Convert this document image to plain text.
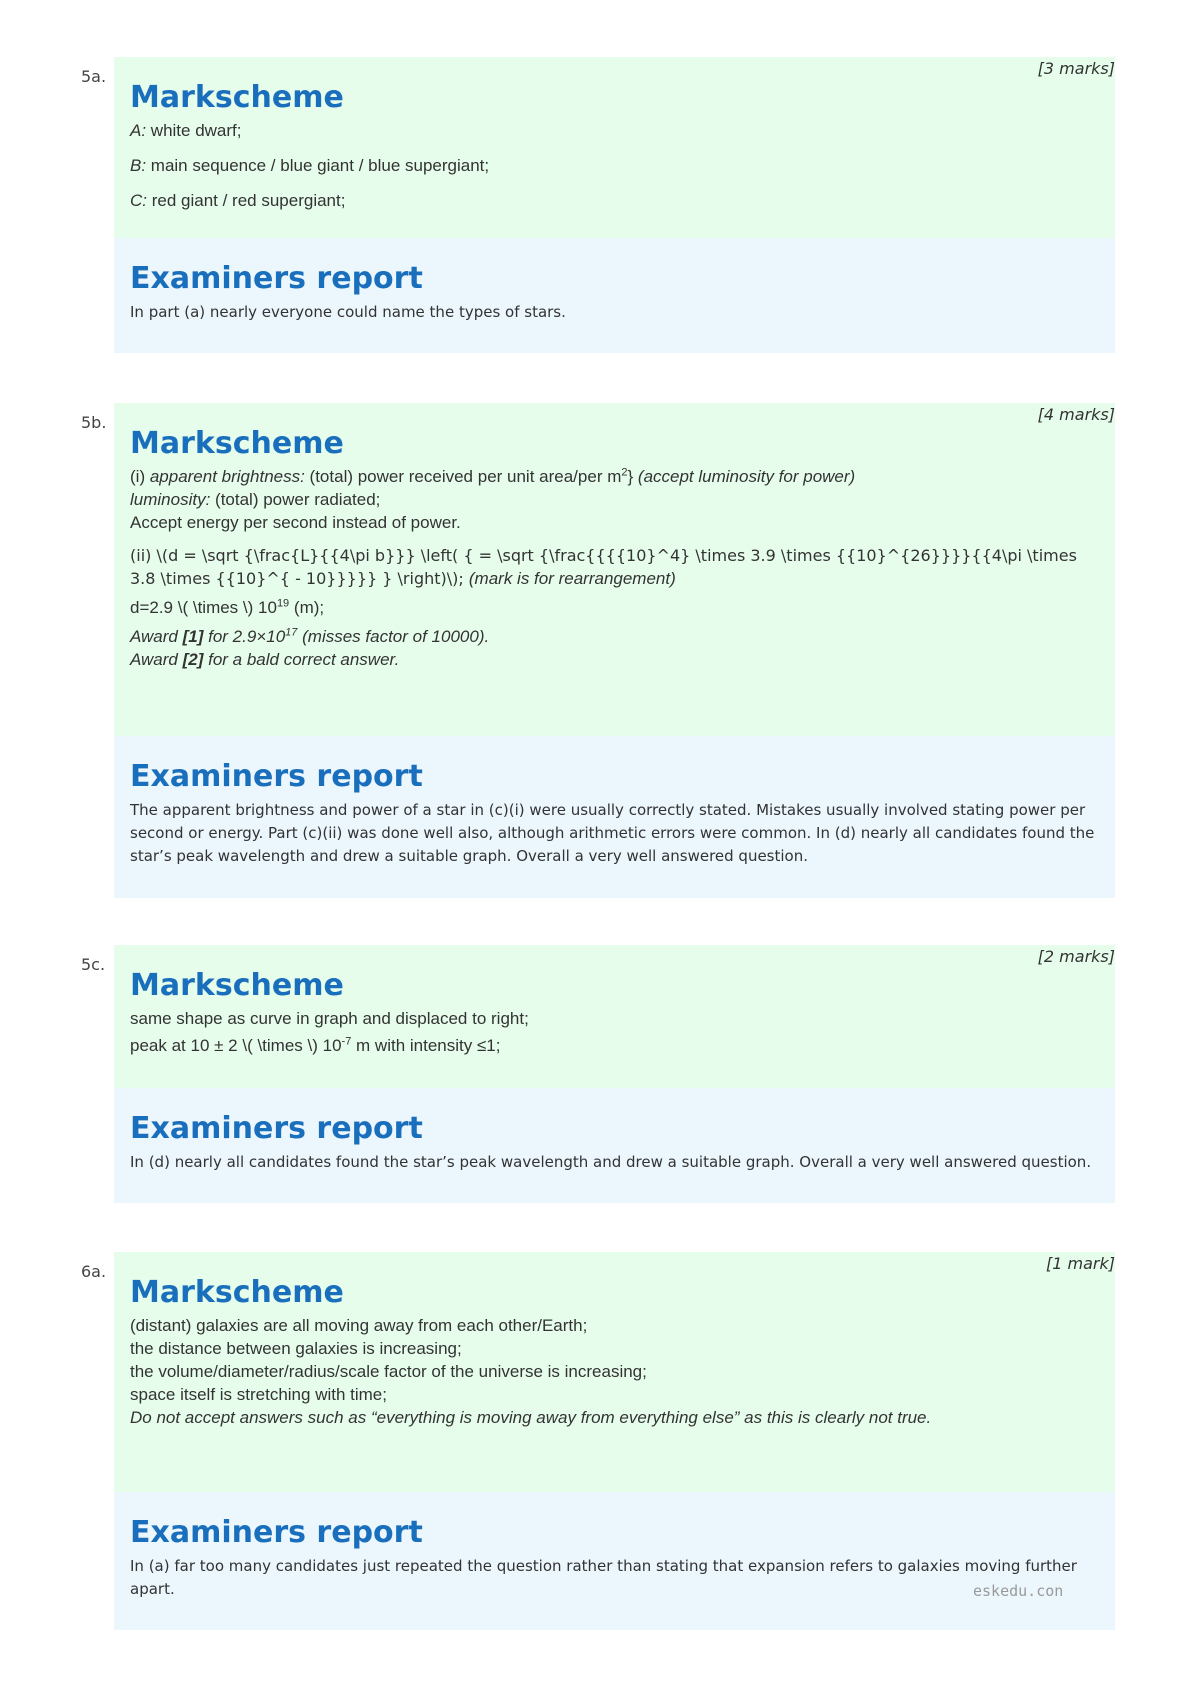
5a.	[3 marks]
Markscheme

A: white dwarf;

B: main sequence / blue giant / blue supergiant;

C: red giant / red supergiant;

Examiners report

In part (a) nearly everyone could name the types of stars.

5b.	[4 marks]
Markscheme

(i) apparent brightness: (total) power received per unit area/per $m^2$} (accept luminosity for power)

luminosity: (total) power radiated;

Accept energy per second instead of power.

(ii) \(d = \sqrt {\frac{L}{{4\pi b}}} \left( { = \sqrt {\frac{{{{10}^4} \times 3.9 \times {{10}^{26}}}}{{4\pi \times 3.8 \times {{10}^{ - 10}}}}} } \right)\); (mark is for rearrangement)

d=2.9 \( \times \) $10^{19}$ (m);

Award [1] for $2.9\times 10^{17}$ (misses factor of 10000).

Award [2] for a bald correct answer.

Examiners report

The apparent brightness and power of a star in (c)(i) were usually correctly stated. Mistakes usually involved stating power per second or energy. Part (c)(ii) was done well also, although arithmetic errors were common. In (d) nearly all candidates found the star’s peak wavelength and drew a suitable graph. Overall a very well answered question.

5c.	[2 marks]
Markscheme

same shape as curve in graph and displaced to right;

peak at 10 ± 2 \( \times \) $10^{-7}$ m with intensity ≤1;

Examiners report

In (d) nearly all candidates found the star’s peak wavelength and drew a suitable graph. Overall a very well answered question.

6a.	[1 mark]
Markscheme

(distant) galaxies are all moving away from each other/Earth;

the distance between galaxies is increasing;

the volume/diameter/radius/scale factor of the universe is increasing;

space itself is stretching with time;

Do not accept answers such as “everything is moving away from everything else” as this is clearly not true.

Examiners report

In (a) far too many candidates just repeated the question rather than stating that expansion refers to galaxies moving further apart.	eskedu.con
